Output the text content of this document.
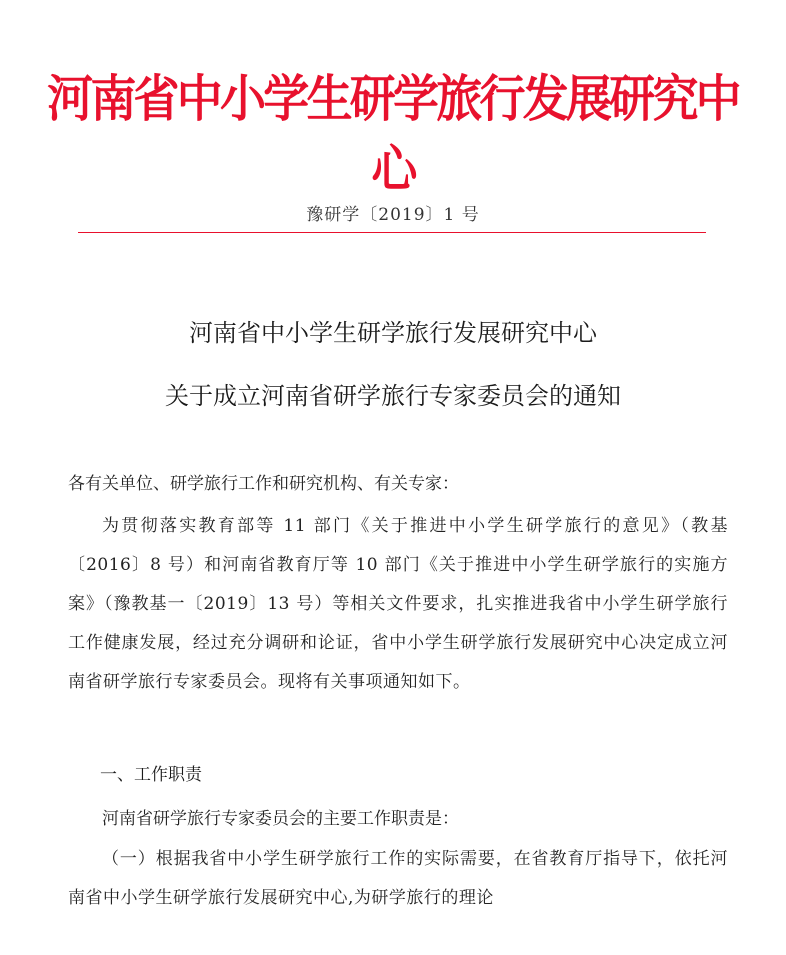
河南省中小学生研学旅行发展研究中心
豫研学〔2019〕1 号
河南省中小学生研学旅行发展研究中心
关于成立河南省研学旅行专家委员会的通知
各有关单位、研学旅行工作和研究机构、有关专家：
为贯彻落实教育部等 11 部门《关于推进中小学生研学旅行的意见》（教基〔2016〕8 号）和河南省教育厅等 10 部门《关于推进中小学生研学旅行的实施方案》（豫教基一〔2019〕13 号）等相关文件要求，扎实推进我省中小学生研学旅行工作健康发展，经过充分调研和论证，省中小学生研学旅行发展研究中心决定成立河南省研学旅行专家委员会。现将有关事项通知如下。
一、工作职责
河南省研学旅行专家委员会的主要工作职责是：
（一）根据我省中小学生研学旅行工作的实际需要，在省教育厅指导下，依托河南省中小学生研学旅行发展研究中心,为研学旅行的理论
